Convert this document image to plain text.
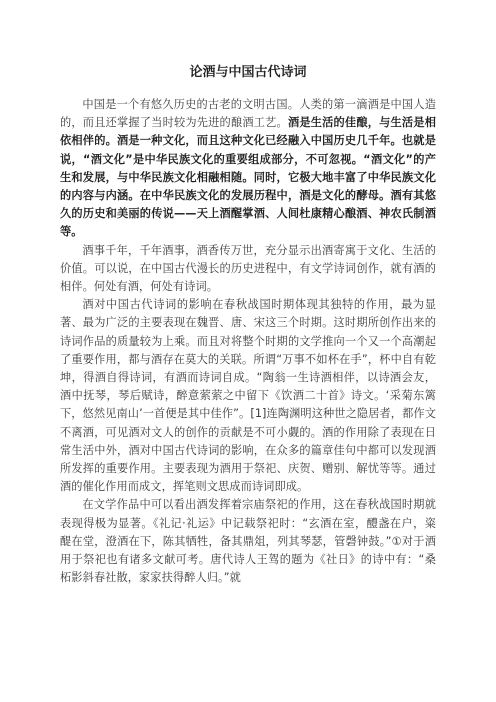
论酒与中国古代诗词

中国是一个有悠久历史的古老的文明古国。人类的第一滴酒是中国人造的，而且还掌握了当时较为先进的酿酒工艺。酒是生活的佳酿，与生活是相依相伴的。酒是一种文化，而且这种文化已经融入中国历史几千年。也就是说，“酒文化”是中华民族文化的重要组成部分，不可忽视。“酒文化”的产生和发展，与中华民族文化相融相随。同时，它极大地丰富了中华民族文化的内容与内涵。在中华民族文化的发展历程中，酒是文化的酵母。酒有其悠久的历史和美丽的传说——天上酒醒掌酒、人间杜康精心酿酒、神农氏制酒等。

酒事千年，千年酒事，酒香传万世，充分显示出酒寄寓于文化、生活的价值。可以说，在中国古代漫长的历史进程中，有文学诗词创作，就有酒的相伴。何处有酒，何处有诗词。

酒对中国古代诗词的影响在春秋战国时期体现其独特的作用，最为显著、最为广泛的主要表现在魏晋、唐、宋这三个时期。这时期所创作出来的诗词作品的质量较为上乘。而且对将整个时期的文学推向一个又一个高潮起了重要作用，都与酒存在莫大的关联。所谓“万事不如杯在手”，杯中自有乾坤，得酒自得诗词，有酒而诗词自成。“陶翁一生诗酒相伴，以诗酒会友，酒中抚琴，琴后赋诗，醉意萦萦之中留下《饮酒二十首》诗文。‘采菊东篱下，悠然见南山’一首便是其中佳作”。[1]连陶渊明这种世之隐居者，都作文不离酒，可见酒对文人的创作的贡献是不可小觑的。酒的作用除了表现在日常生活中外，酒对中国古代诗词的影响，在众多的篇章佳句中都可以发现酒所发挥的重要作用。主要表现为酒用于祭祀、庆贺、赠别、解忧等等。通过酒的催化作用而成文，挥笔则文思成而诗词即成。

在文学作品中可以看出酒发挥着宗庙祭祀的作用，这在春秋战国时期就表现得极为显著。《礼记·礼运》中记载祭祀时：“玄酒在室，醴盏在户，粢醍在堂，澄酒在下，陈其牺牲，备其鼎俎，列其琴瑟，管磬钟鼓。”①对于酒用于祭祀也有诸多文献可考。唐代诗人王驾的题为《社日》的诗中有：“桑柘影斜春社散，家家扶得醉人归。”就
